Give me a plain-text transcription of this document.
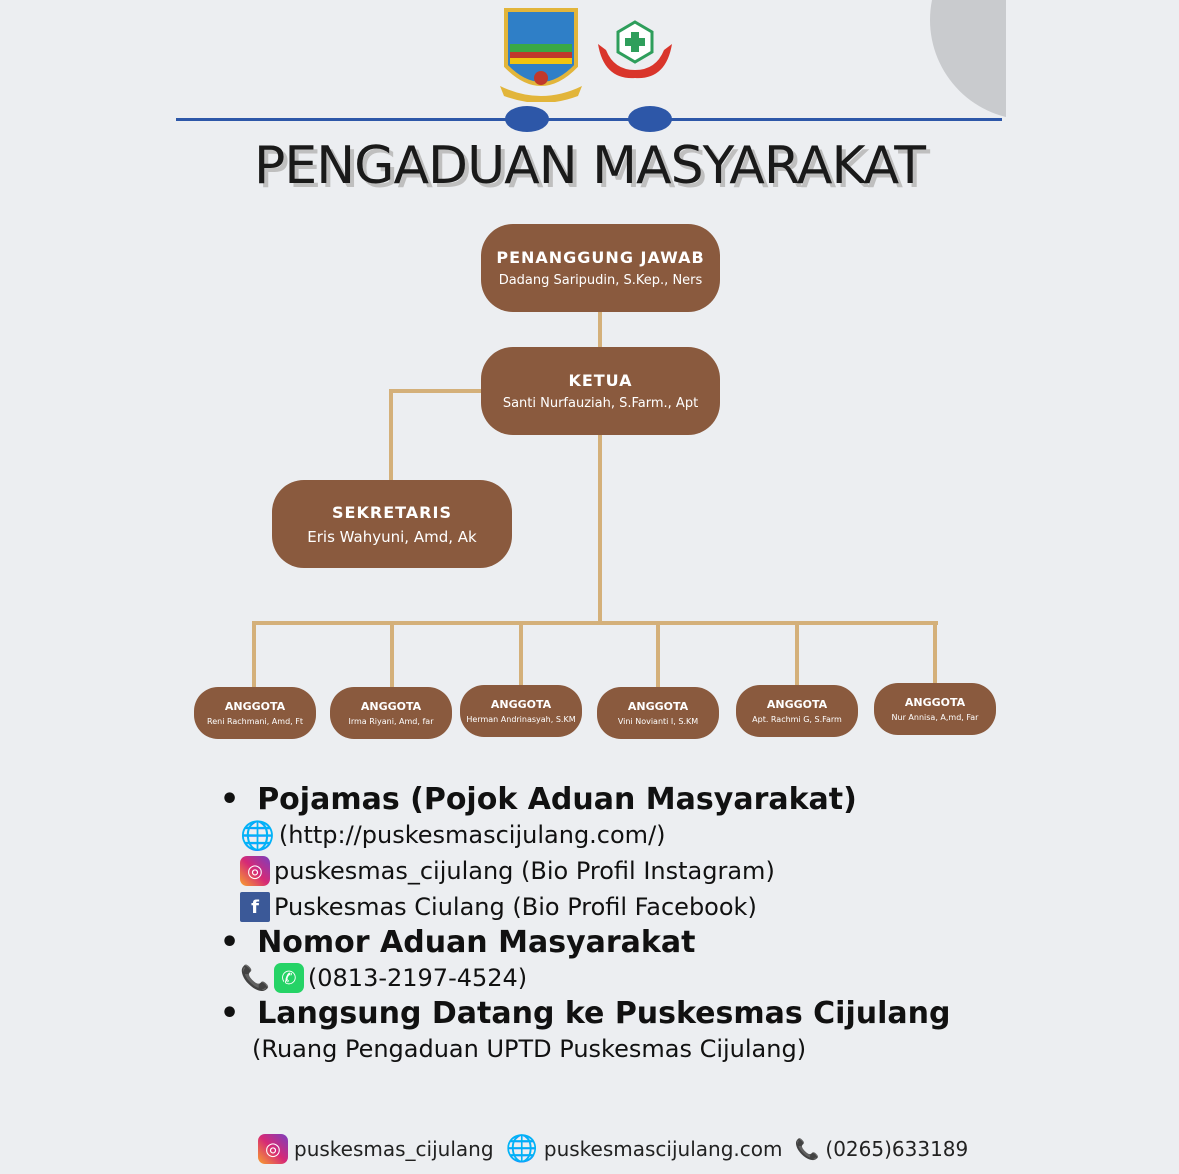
PENGADUAN MASYARAKAT
PENANGGUNG JAWAB
Dadang Saripudin, S.Kep., Ners
KETUA
Santi Nurfauziah, S.Farm., Apt
SEKRETARIS
Eris Wahyuni, Amd, Ak
ANGGOTA
Reni Rachmani, Amd, Ft
ANGGOTA
Irma Riyani, Amd, far
ANGGOTA
Herman Andrinasyah, S.KM
ANGGOTA
Vini Novianti I, S.KM
ANGGOTA
Apt. Rachmi G, S.Farm
ANGGOTA
Nur Annisa, A,md, Far
• Pojamas (Pojok Aduan Masyarakat)
🌐 (http://puskesmascijulang.com/)
◎ puskesmas_cijulang (Bio Profil Instagram)
f Puskesmas Ciulang (Bio Profil Facebook)
• Nomor Aduan Masyarakat
📞 ✆ (0813-2197-4524)
• Langsung Datang ke Puskesmas Cijulang
(Ruang Pengaduan UPTD Puskesmas Cijulang)
◎ puskesmas_cijulang 🌐 puskesmascijulang.com 📞 (0265)633189
